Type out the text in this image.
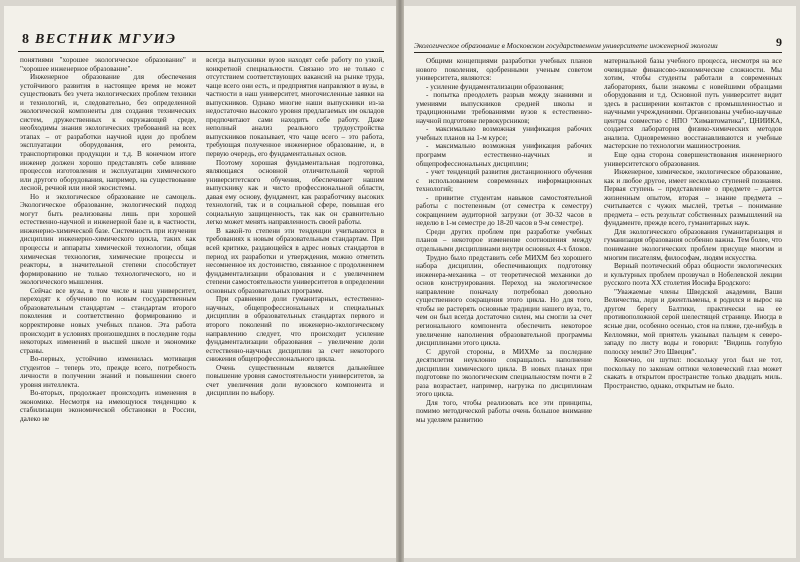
8 ВЕСТНИК МГУИЭ

понятиями "хорошее экологическое образование" и "хорошее инженерное образование".

Инженерное образование для обеспечения устойчивого развития в настоящее время не может существовать без учета экологических проблем техники и технологий, и, следовательно, без определенной экологической компоненты для создания технических систем, дружественных к окружающей среде, необходимы знания экологических требований на всех этапах – от разработки научной идеи до проблем эксплуатации оборудования, его ремонта, транспортировки продукции и т.д. В конечном итоге инженер должен хорошо представлять себе влияние процессов изготовления и эксплуатации химического или другого оборудования, например, на существование лесной, речной или иной экосистемы.

Но и экологическое образование не самоцель. Экологическое образование, экологический подход могут быть реализованы лишь при хорошей естественно-научной и инженерной базе и, в частности, инженерно-химической базе. Системность при изучении дисциплин инженерно-химического цикла, таких как процессы и аппараты химической технологии, общая химическая технология, химические процессы и реакторы, в значительной степени способствует формированию не только технологического, но и экологического мышления.

Сейчас все вузы, в том числе и наш университет, переходят к обучению по новым государственным образовательным стандартам – стандартам второго поколения и соответственно формированию и корректировке новых учебных планов. Эта работа происходит в условиях произошедших в последние годы некоторых изменений в высшей школе и экономике страны.

Во-первых, устойчиво изменилась мотивация студентов – теперь это, прежде всего, потребность личности в получении знаний и повышении своего уровня интеллекта.

Во-вторых, продолжает происходить изменения в экономике. Несмотря на имеющуюся тенденцию к стабилизации экономической обстановки в России, далеко не

всегда выпускники вузов находят себе работу по узкой, конкретной специальности. Связано это не только с отсутствием соответствующих вакансий на рынке труда, чаще всего они есть, и предприятия направляют в вузы, в частности в наш университет, многочисленные заявки на выпускников. Однако многие наши выпускники из-за недостаточно высокого уровня предлагаемых им окладов предпочитают сами находить себе работу. Даже неполный анализ реального трудоустройства выпускников показывает, что чаще всего – это работа, требующая полученное инженерное образование, и, в первую очередь, его фундаментальных основ.

Поэтому хорошая фундаментальная подготовка, являющаяся основной отличительной чертой университетского обучения, обеспечивает нашим выпускнику как и чисто профессиональной области, давая ему основу, фундамент, как разработчику высоких технологий, так и в социальной сфере, повышая его социальную защищенность, так как он сравнительно легко может менять направленность своей работы.

В какой-то степени эти тенденции учитываются в требованиях к новым образовательным стандартам. При всей критике, раздающейся в адрес новых стандартов в период их разработки и утверждения, можно отметить несомненное их достоинство, связанное с продолжением фундаментализации образования и с увеличением степени самостоятельности университетов в определении основных образовательных программ.

При сравнении доли гуманитарных, естественно-научных, общепрофессиональных и специальных дисциплин в образовательных стандартах первого и второго поколений по инженерно-экологическому направлению следует, что происходит усиление фундаментализации образования – увеличение доли естественно-научных дисциплин за счет некоторого снижения общепрофессионального цикла.

Очень существенным является дальнейшее повышение уровня самостоятельности университетов, за счет увеличения доли вузовского компонента и дисциплин по выбору.

Экологическое образование в Московском государственном университете инженерной экологии	9

Общими концепциями разработки учебных планов нового поколения, одобренными ученым советом университета, являются:

- усиление фундаментализации образования;

- попытка преодолеть разрыв между знаниями и умениями выпускников средней школы и традиционными требованиями вузов к естественно-научной подготовке первокурсников;

- максимально возможная унификация рабочих учебных планов на 1-м курсе;

- максимально возможная унификация рабочих программ естественно-научных и общепрофессиональных дисциплин;

- учет тенденций развития дистанционного обучения с использованием современных информационных технологий;

- привитие студентам навыков самостоятельной работы с постепенным (от семестра к семестру) сокращением аудиторной загрузки (от 30-32 часов в неделю в 1-м семестре до 18-20 часов в 9-м семестре).

Среди других проблем при разработке учебных планов – некоторое изменение соотношения между отдельными дисциплинами внутри основных 4-х блоков.

Трудно было представить себе МИХМ без хорошего набора дисциплин, обеспечивающих подготовку инженера-механика – от теоретической механики до основ конструирования. Переход на экологическое направление поначалу потребовал довольно существенного сокращения этого цикла. Но для того, чтобы не растерять основные традиции нашего вуза, то, чем он был всегда достаточно силен, мы смогли за счет регионального компонента обеспечить некоторое увеличение наполнения образовательной программы дисциплинами этого цикла.

С другой стороны, в МИХМе за последние десятилетия неуклонно сокращалось наполнение дисциплин химического цикла. В новых планах при подготовке по экологическим специальностям почти в 2 раза возрастает, например, нагрузка по дисциплинам этого цикла.

Для того, чтобы реализовать все эти принципы, помимо методической работы очень большое внимание мы уделяем развитию

материальной базы учебного процесса, несмотря на все очевидные финансово-экономические сложности. Мы хотим, чтобы студенты работали в современных лабораториях, были знакомы с новейшими образцами оборудования и т.д. Основной путь университет видит здесь в расширении контактов с промышленностью и научными учреждениями. Организованы учебно-научные центры совместно с НПО "Химавтоматика", ЦНИИКА, создается лаборатория физико-химических методов анализа. Одновременно восстанавливаются и учебные мастерские по технологии машиностроения.

Еще одна сторона совершенствования инженерного университетского образования.

Инженерное, химическое, экологическое образование, как и любое другое, имеет несколько ступеней познания. Первая ступень – представление о предмете – дается жизненным опытом, вторая – знание предмета – считывается с чужих мыслей, третья – понимание предмета – есть результат собственных размышлений на фундаменте, прежде всего, гуманитарных наук.

Для экологического образования гуманитаризация и гуманизация образования особенно важна. Тем более, что понимание экологических проблем присуще многим и многим писателям, философам, людям искусства.

Верный поэтический образ общности экологических и культурных проблем прозвучал в Нобелевской лекции русского поэта XX столетия Иосифа Бродского:

"Уважаемые члены Шведской академии, Ваши Величества, леди и джентльмены, я родился и вырос на другом берегу Балтики, практически на ее противоположной серой шелестящей странице. Иногда в ясные дни, особенно осенью, стоя на пляже, где-нибудь в Келломяки, мой приятель указывал пальцем к северо-западу по листу воды и говорил: "Видишь голубую полоску земли? Это Швеция".

Конечно, он шутил: поскольку угол был не тот, поскольку по законам оптики человеческий глаз может скакать в открытом пространстве только двадцать миль. Пространство, однако, открытым не было.
